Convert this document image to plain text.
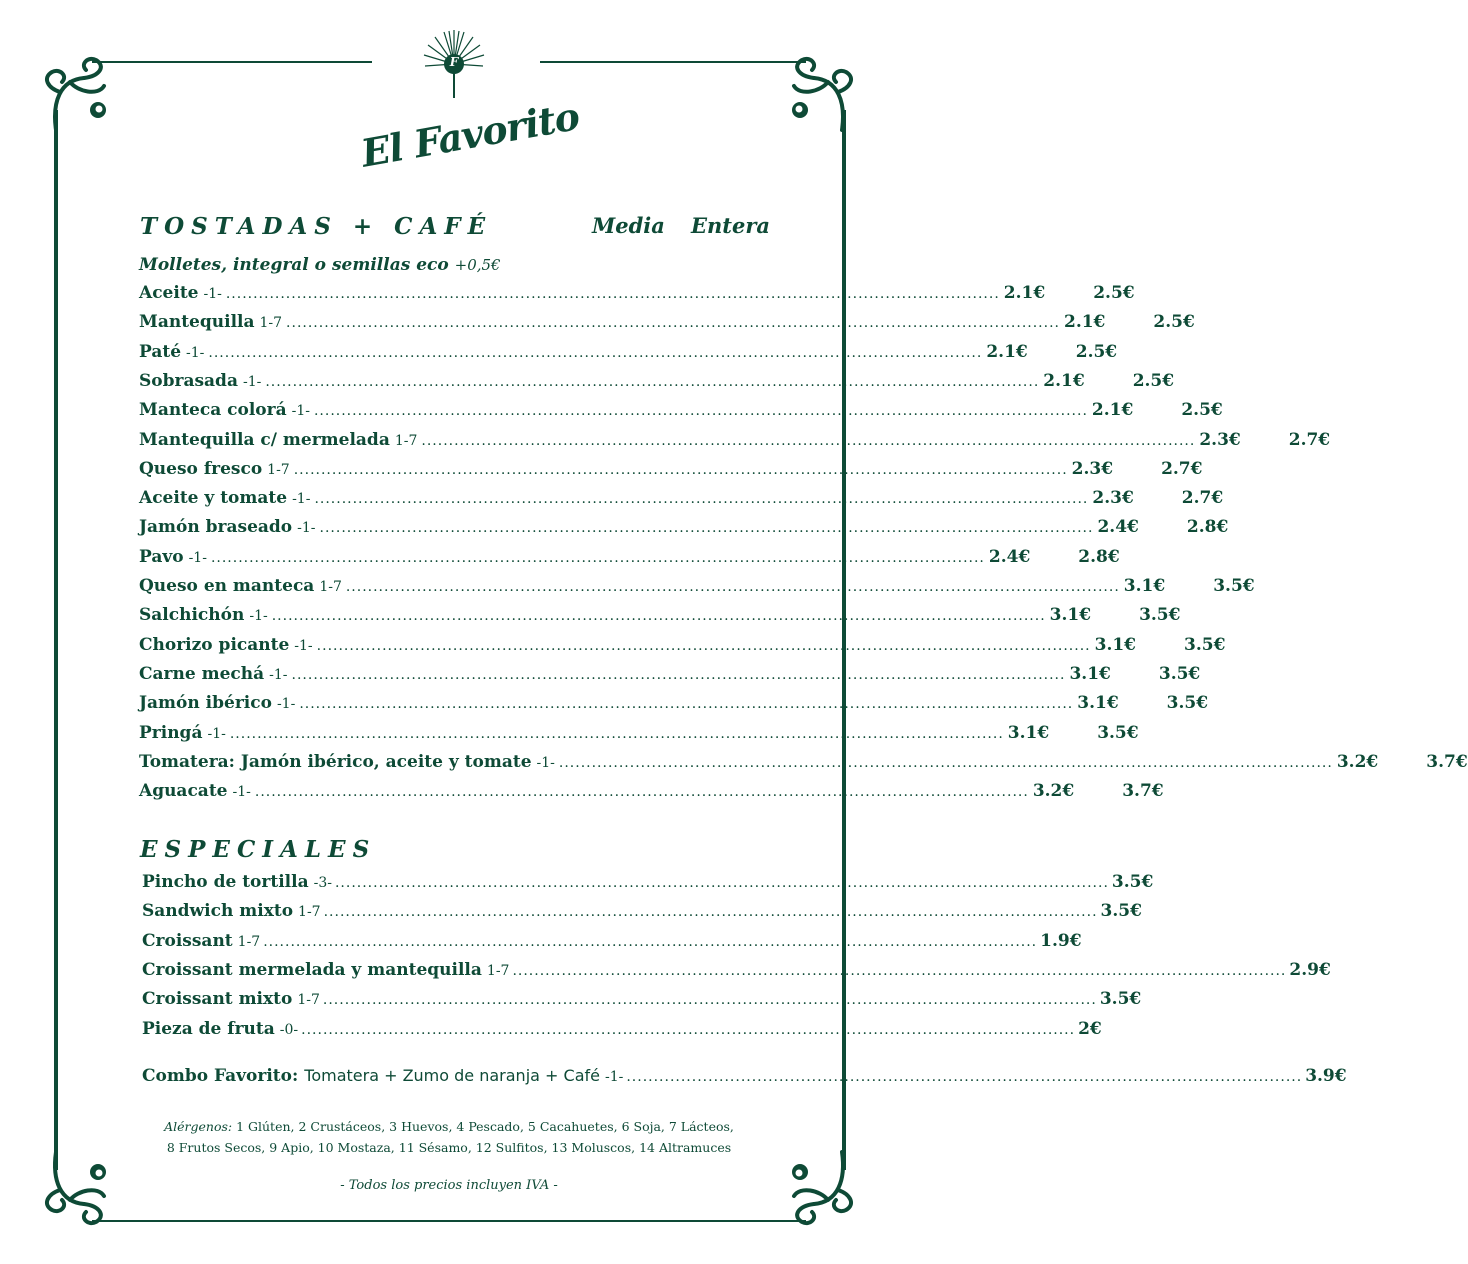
F
El Favorito
TOSTADAS + CAFÉ	Media Entera
Molletes, integral o semillas eco +0,5€
Aceite -1- .............................................................................................................................................. 2.1€	2.5€
Mantequilla 1-7 .............................................................................................................................................. 2.1€	2.5€
Paté -1- .............................................................................................................................................. 2.1€	2.5€
Sobrasada -1- .............................................................................................................................................. 2.1€	2.5€
Manteca colorá -1- .............................................................................................................................................. 2.1€	2.5€
Mantequilla c/ mermelada 1-7 .............................................................................................................................................. 2.3€	2.7€
Queso fresco 1-7 .............................................................................................................................................. 2.3€	2.7€
Aceite y tomate -1- .............................................................................................................................................. 2.3€	2.7€
Jamón braseado -1- .............................................................................................................................................. 2.4€	2.8€
Pavo -1- .............................................................................................................................................. 2.4€	2.8€
Queso en manteca 1-7 .............................................................................................................................................. 3.1€	3.5€
Salchichón -1- .............................................................................................................................................. 3.1€	3.5€
Chorizo picante -1- .............................................................................................................................................. 3.1€	3.5€
Carne mechá -1- .............................................................................................................................................. 3.1€	3.5€
Jamón ibérico -1- .............................................................................................................................................. 3.1€	3.5€
Pringá -1- .............................................................................................................................................. 3.1€	3.5€
Tomatera: Jamón ibérico, aceite y tomate -1- .............................................................................................................................................. 3.2€	3.7€
Aguacate -1- .............................................................................................................................................. 3.2€	3.7€
ESPECIALES
Pincho de tortilla -3- .............................................................................................................................................. 3.5€
Sandwich mixto 1-7 .............................................................................................................................................. 3.5€
Croissant 1-7 .............................................................................................................................................. 1.9€
Croissant mermelada y mantequilla 1-7 .............................................................................................................................................. 2.9€
Croissant mixto 1-7 .............................................................................................................................................. 3.5€
Pieza de fruta -0- .............................................................................................................................................. 2€
Combo Favorito: Tomatera + Zumo de naranja + Café -1- ............................................................................................................................ 3.9€
Alérgenos: 1 Glúten, 2 Crustáceos, 3 Huevos, 4 Pescado, 5 Cacahuetes, 6 Soja, 7 Lácteos,
8 Frutos Secos, 9 Apio, 10 Mostaza, 11 Sésamo, 12 Sulfitos, 13 Moluscos, 14 Altramuces
- Todos los precios incluyen IVA -
